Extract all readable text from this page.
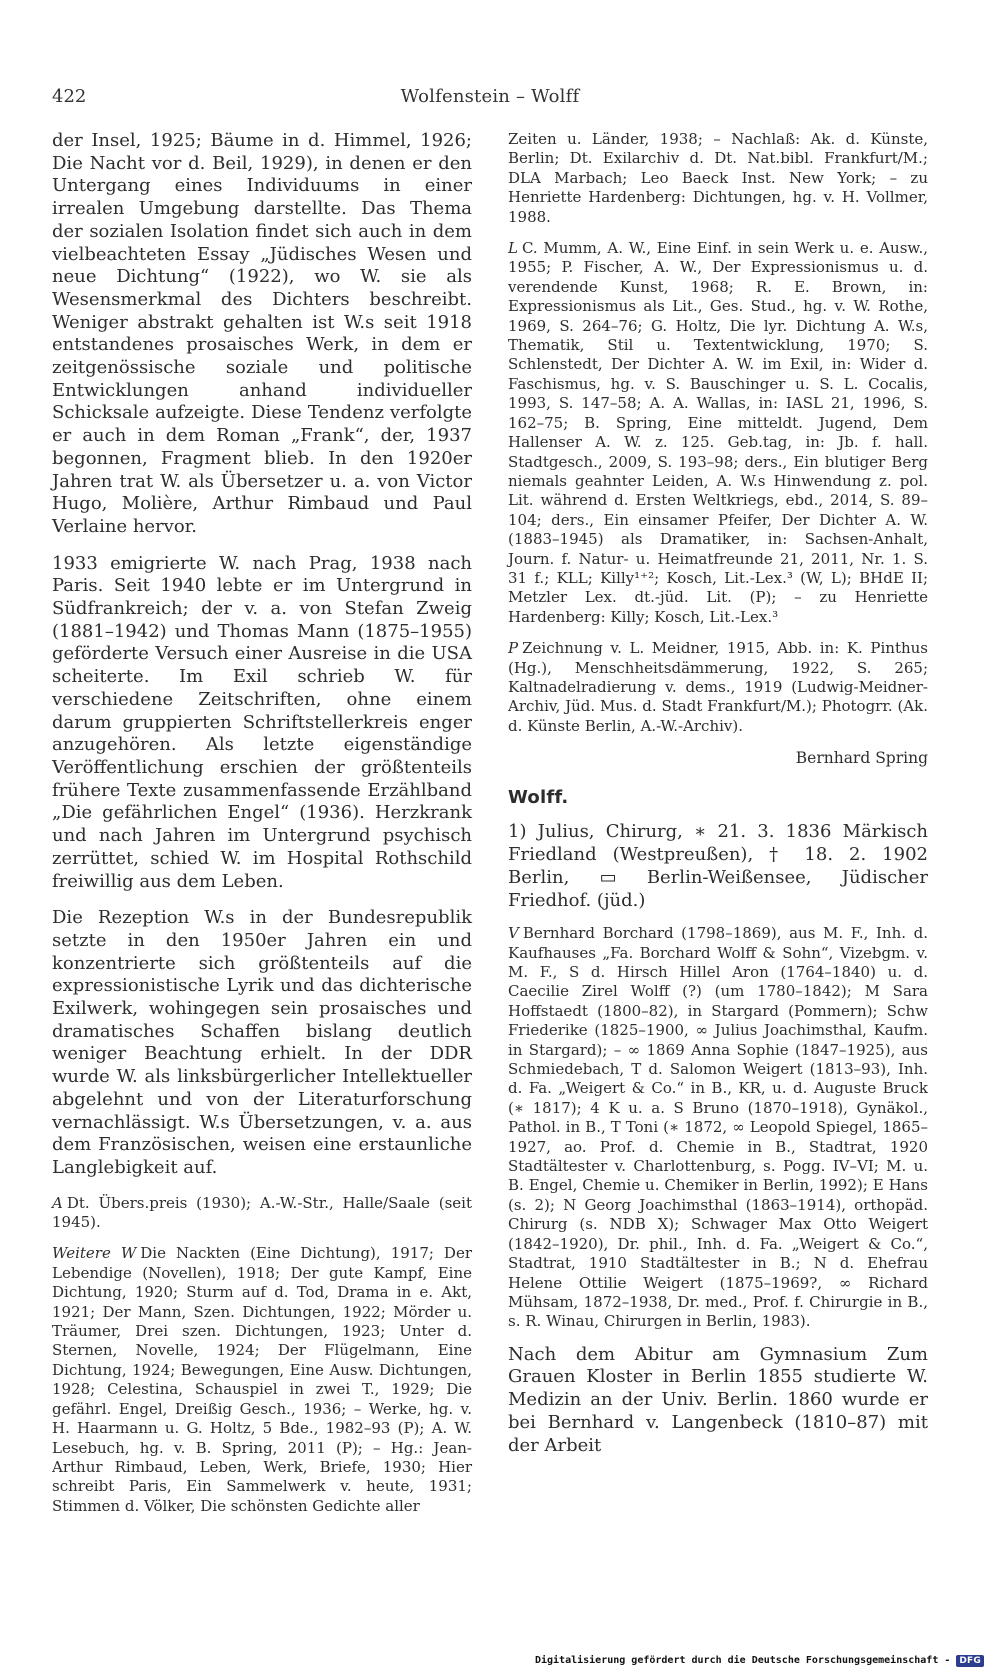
422	Wolfenstein – Wolff

der Insel, 1925; Bäume in d. Himmel, 1926; Die Nacht vor d. Beil, 1929), in denen er den Untergang eines Individuums in einer irrealen Umgebung darstellte. Das Thema der sozialen Isolation findet sich auch in dem vielbeachteten Essay „Jüdisches Wesen und neue Dichtung“ (1922), wo W. sie als Wesensmerkmal des Dichters beschreibt. Weniger abstrakt gehalten ist W.s seit 1918 entstandenes prosaisches Werk, in dem er zeitgenössische soziale und politische Entwicklungen anhand individueller Schicksale aufzeigte. Diese Tendenz verfolgte er auch in dem Roman „Frank“, der, 1937 begonnen, Fragment blieb. In den 1920er Jahren trat W. als Übersetzer u. a. von Victor Hugo, Molière, Arthur Rimbaud und Paul Verlaine hervor.

1933 emigrierte W. nach Prag, 1938 nach Paris. Seit 1940 lebte er im Untergrund in Südfrankreich; der v. a. von Stefan Zweig (1881–1942) und Thomas Mann (1875–1955) geförderte Versuch einer Ausreise in die USA scheiterte. Im Exil schrieb W. für verschiedene Zeitschriften, ohne einem darum gruppierten Schriftstellerkreis enger anzugehören. Als letzte eigenständige Veröffentlichung erschien der größtenteils frühere Texte zusammenfassende Erzählband „Die gefährlichen Engel“ (1936). Herzkrank und nach Jahren im Untergrund psychisch zerrüttet, schied W. im Hospital Rothschild freiwillig aus dem Leben.

Die Rezeption W.s in der Bundesrepublik setzte in den 1950er Jahren ein und konzentrierte sich größtenteils auf die expressionistische Lyrik und das dichterische Exilwerk, wohingegen sein prosaisches und dramatisches Schaffen bislang deutlich weniger Beachtung erhielt. In der DDR wurde W. als linksbürgerlicher Intellektueller abgelehnt und von der Literaturforschung vernachlässigt. W.s Übersetzungen, v. a. aus dem Französischen, weisen eine erstaunliche Langlebigkeit auf.

A Dt. Übers.preis (1930); A.-W.-Str., Halle/Saale (seit 1945).

Weitere W Die Nackten (Eine Dichtung), 1917; Der Lebendige (Novellen), 1918; Der gute Kampf, Eine Dichtung, 1920; Sturm auf d. Tod, Drama in e. Akt, 1921; Der Mann, Szen. Dichtungen, 1922; Mörder u. Träumer, Drei szen. Dichtungen, 1923; Unter d. Sternen, Novelle, 1924; Der Flügelmann, Eine Dichtung, 1924; Bewegungen, Eine Ausw. Dichtungen, 1928; Celestina, Schauspiel in zwei T., 1929; Die gefährl. Engel, Dreißig Gesch., 1936; – Werke, hg. v. H. Haarmann u. G. Holtz, 5 Bde., 1982–93 (P); A. W. Lesebuch, hg. v. B. Spring, 2011 (P); – Hg.: Jean-Arthur Rimbaud, Leben, Werk, Briefe, 1930; Hier schreibt Paris, Ein Sammelwerk v. heute, 1931; Stimmen d. Völker, Die schönsten Gedichte aller

Zeiten u. Länder, 1938; – Nachlaß: Ak. d. Künste, Berlin; Dt. Exilarchiv d. Dt. Nat.bibl. Frankfurt/M.; DLA Marbach; Leo Baeck Inst. New York; – zu Henriette Hardenberg: Dichtungen, hg. v. H. Vollmer, 1988.

L C. Mumm, A. W., Eine Einf. in sein Werk u. e. Ausw., 1955; P. Fischer, A. W., Der Expressionismus u. d. verendende Kunst, 1968; R. E. Brown, in: Expressionismus als Lit., Ges. Stud., hg. v. W. Rothe, 1969, S. 264–76; G. Holtz, Die lyr. Dichtung A. W.s, Thematik, Stil u. Textentwicklung, 1970; S. Schlenstedt, Der Dichter A. W. im Exil, in: Wider d. Faschismus, hg. v. S. Bauschinger u. S. L. Cocalis, 1993, S. 147–58; A. A. Wallas, in: IASL 21, 1996, S. 162–75; B. Spring, Eine mitteldt. Jugend, Dem Hallenser A. W. z. 125. Geb.tag, in: Jb. f. hall. Stadtgesch., 2009, S. 193–98; ders., Ein blutiger Berg niemals geahnter Leiden, A. W.s Hinwendung z. pol. Lit. während d. Ersten Weltkriegs, ebd., 2014, S. 89–104; ders., Ein einsamer Pfeifer, Der Dichter A. W. (1883–1945) als Dramatiker, in: Sachsen-Anhalt, Journ. f. Natur- u. Heimatfreunde 21, 2011, Nr. 1. S. 31 f.; KLL; Killy¹⁺²; Kosch, Lit.-Lex.³ (W, L); BHdE II; Metzler Lex. dt.-jüd. Lit. (P); – zu Henriette Hardenberg: Killy; Kosch, Lit.-Lex.³

P Zeichnung v. L. Meidner, 1915, Abb. in: K. Pinthus (Hg.), Menschheitsdämmerung, 1922, S. 265; Kaltnadelradierung v. dems., 1919 (Ludwig-Meidner-Archiv, Jüd. Mus. d. Stadt Frankfurt/M.); Photogrr. (Ak. d. Künste Berlin, A.-W.-Archiv).

Bernhard Spring
Wolff.

1) Julius, Chirurg, ∗ 21. 3. 1836 Märkisch Friedland (Westpreußen), † 18. 2. 1902 Berlin, ▭ Berlin-Weißensee, Jüdischer Friedhof. (jüd.)

V Bernhard Borchard (1798–1869), aus M. F., Inh. d. Kaufhauses „Fa. Borchard Wolff & Sohn“, Vizebgm. v. M. F., S d. Hirsch Hillel Aron (1764–1840) u. d. Caecilie Zirel Wolff (?) (um 1780–1842); M Sara Hoffstaedt (1800–82), in Stargard (Pommern); Schw Friederike (1825–1900, ∞ Julius Joachimsthal, Kaufm. in Stargard); – ∞ 1869 Anna Sophie (1847–1925), aus Schmiedebach, T d. Salomon Weigert (1813–93), Inh. d. Fa. „Weigert & Co.“ in B., KR, u. d. Auguste Bruck (∗ 1817); 4 K u. a. S Bruno (1870–1918), Gynäkol., Pathol. in B., T Toni (∗ 1872, ∞ Leopold Spiegel, 1865–1927, ao. Prof. d. Chemie in B., Stadtrat, 1920 Stadtältester v. Charlottenburg, s. Pogg. IV–VI; M. u. B. Engel, Chemie u. Chemiker in Berlin, 1992); E Hans (s. 2); N Georg Joachimsthal (1863–1914), orthopäd. Chirurg (s. NDB X); Schwager Max Otto Weigert (1842–1920), Dr. phil., Inh. d. Fa. „Weigert & Co.“, Stadtrat, 1910 Stadtältester in B.; N d. Ehefrau Helene Ottilie Weigert (1875–1969?, ∞ Richard Mühsam, 1872–1938, Dr. med., Prof. f. Chirurgie in B., s. R. Winau, Chirurgen in Berlin, 1983).

Nach dem Abitur am Gymnasium Zum Grauen Kloster in Berlin 1855 studierte W. Medizin an der Univ. Berlin. 1860 wurde er bei Bernhard v. Langenbeck (1810–87) mit der Arbeit

Digitalisierung gefördert durch die Deutsche Forschungsgemeinschaft -	DFG
